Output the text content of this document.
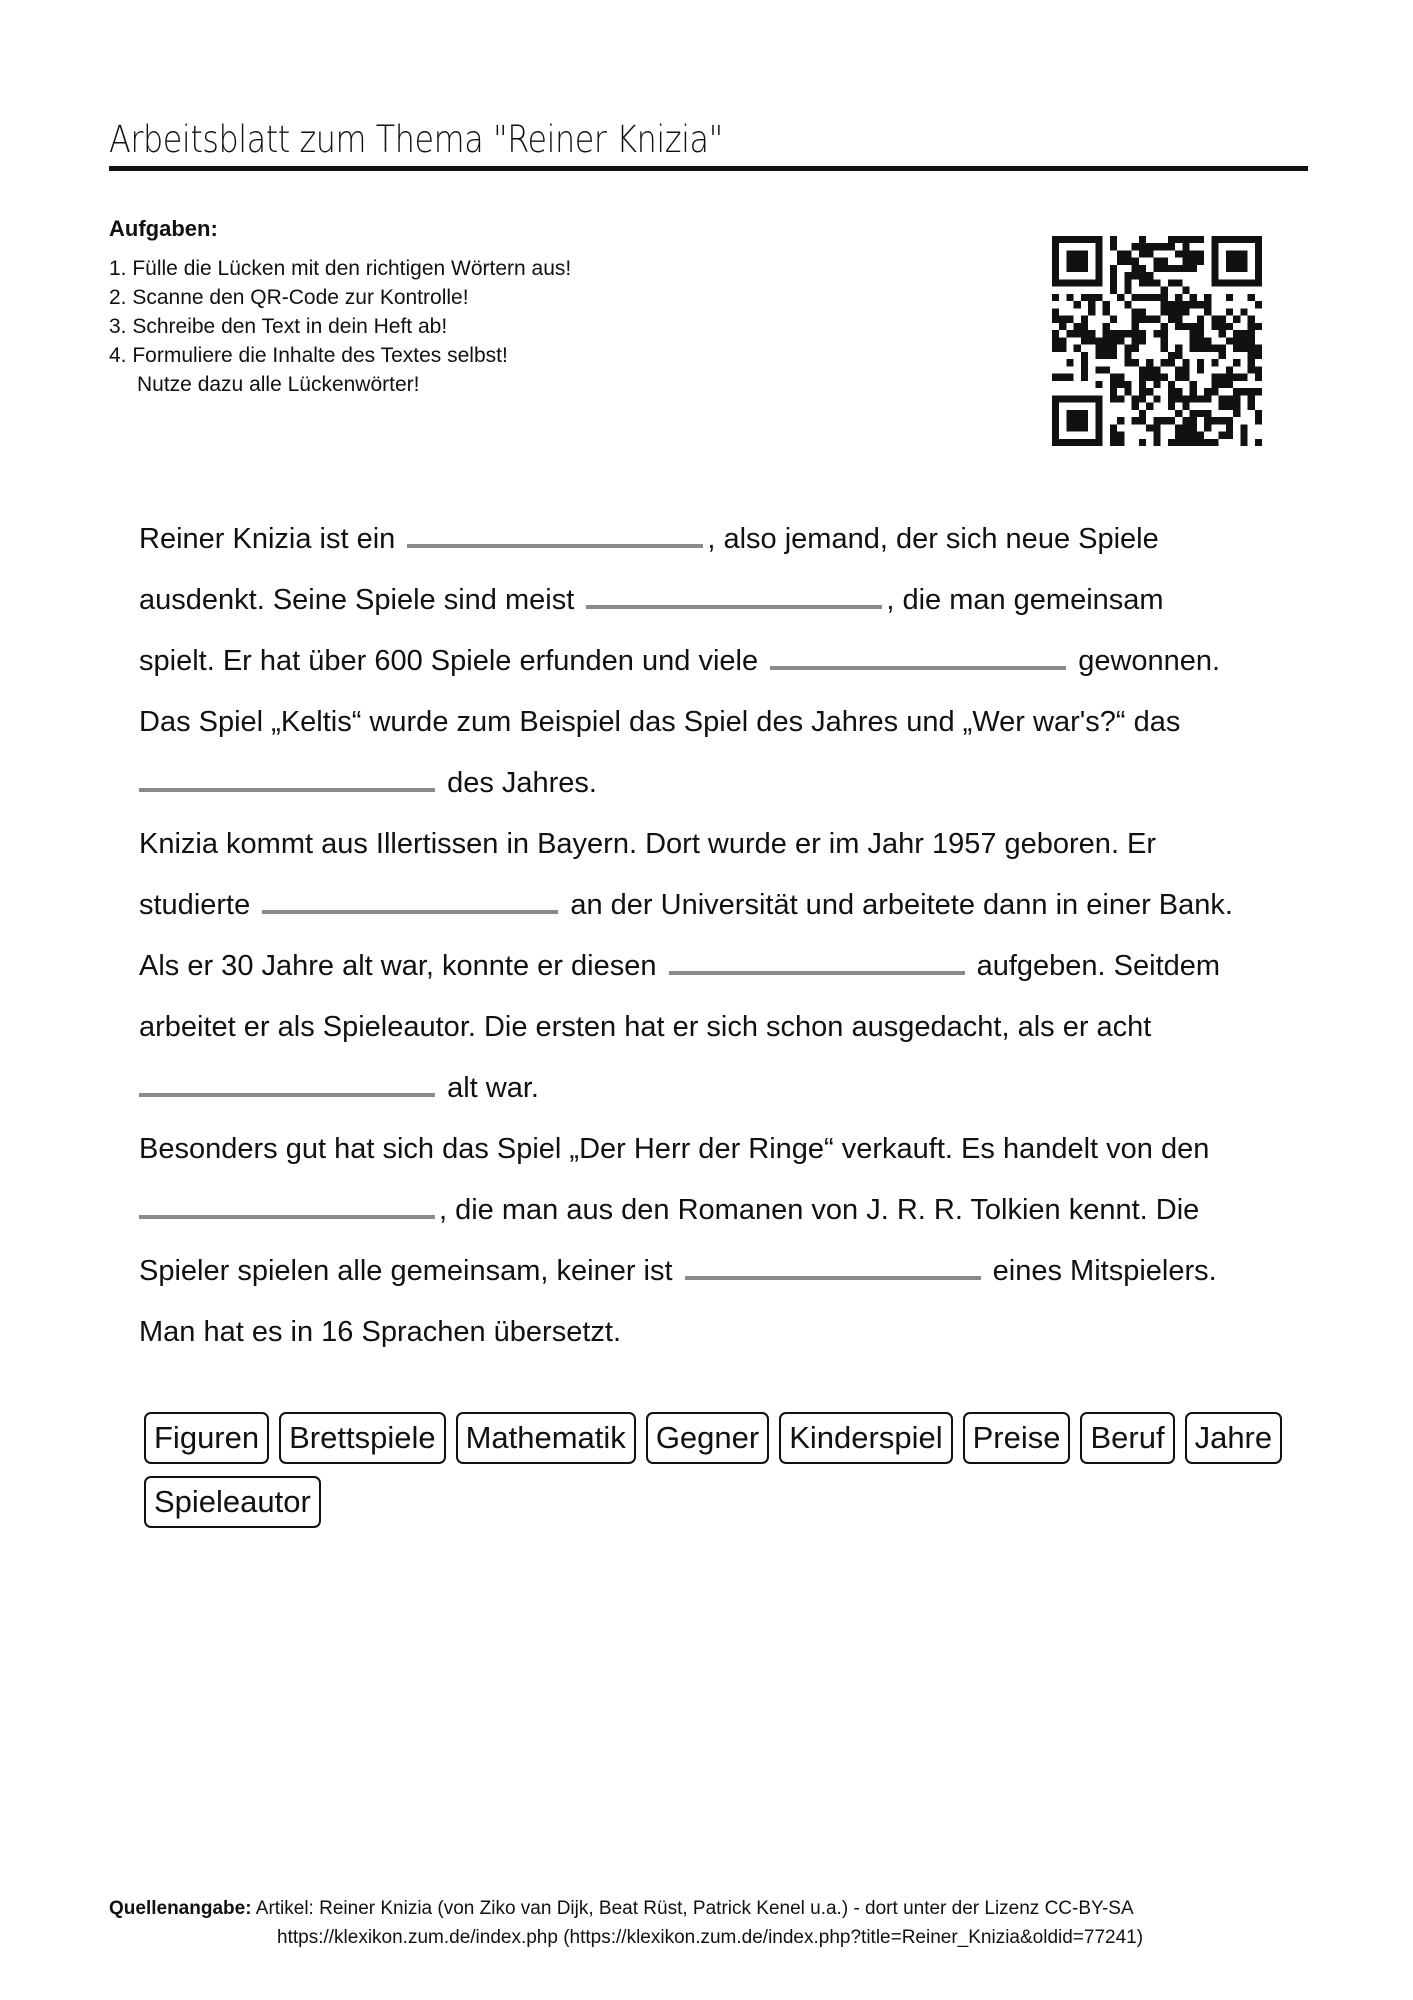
Arbeitsblatt zum Thema "Reiner Knizia"
Aufgaben:
1. Fülle die Lücken mit den richtigen Wörtern aus!
2. Scanne den QR-Code zur Kontrolle!
3. Schreibe den Text in dein Heft ab!
4. Formuliere die Inhalte des Textes selbst!
Nutze dazu alle Lückenwörter!

Reiner Knizia ist ein	, also jemand, der sich neue Spiele

ausdenkt. Seine Spiele sind meist	, die man gemeinsam

spielt. Er hat über 600 Spiele erfunden und viele	gewonnen.

Das Spiel „Keltis“ wurde zum Beispiel das Spiel des Jahres und „Wer war's?“ das

des Jahres.

Knizia kommt aus Illertissen in Bayern. Dort wurde er im Jahr 1957 geboren. Er

studierte	an der Universität und arbeitete dann in einer Bank.

Als er 30 Jahre alt war, konnte er diesen	aufgeben. Seitdem

arbeitet er als Spieleautor. Die ersten hat er sich schon ausgedacht, als er acht

alt war.

Besonders gut hat sich das Spiel „Der Herr der Ringe“ verkauft. Es handelt von den

, die man aus den Romanen von J. R. R. Tolkien kennt. Die

Spieler spielen alle gemeinsam, keiner ist	eines Mitspielers.

Man hat es in 16 Sprachen übersetzt.

Figuren Brettspiele Mathematik Gegner Kinderspiel Preise Beruf Jahre
Spieleautor
Quellenangabe: Artikel: Reiner Knizia (von Ziko van Dijk, Beat Rüst, Patrick Kenel u.a.) - dort unter der Lizenz CC-BY-SA
https://klexikon.zum.de/index.php (https://klexikon.zum.de/index.php?title=Reiner_Knizia&oldid=77241)
